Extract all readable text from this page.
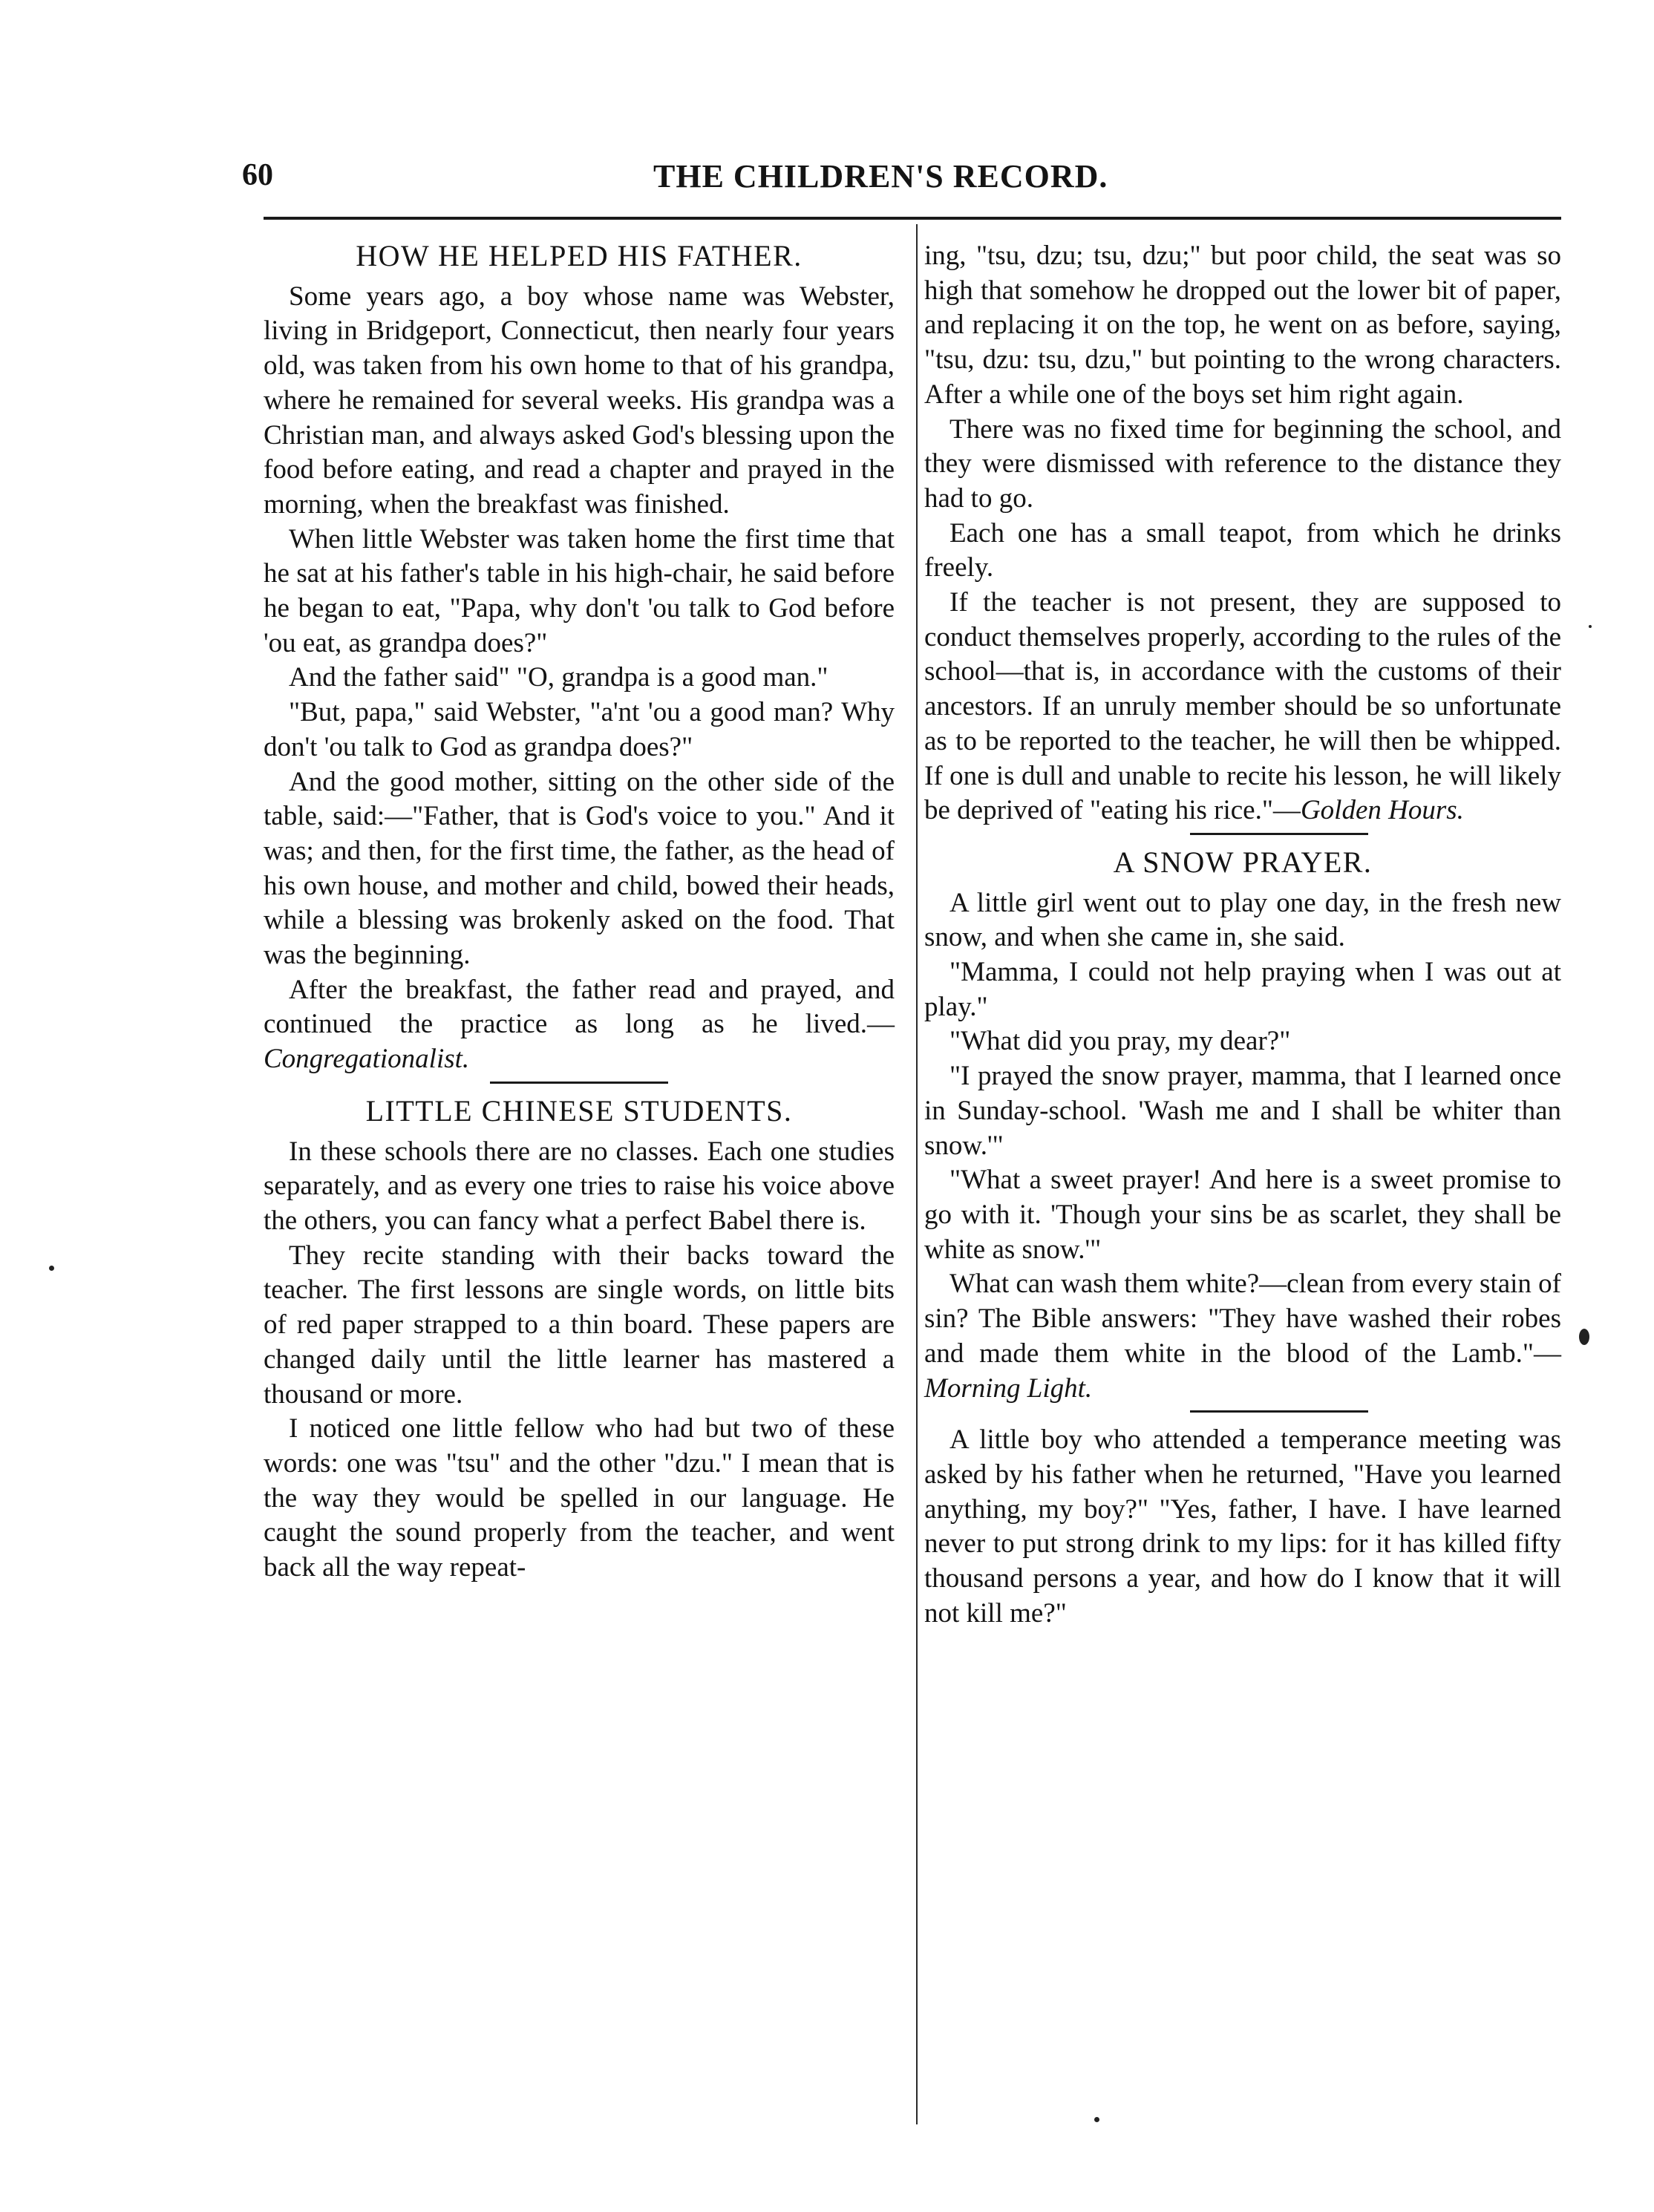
60	THE CHILDREN'S RECORD.
HOW HE HELPED HIS FATHER.

Some years ago, a boy whose name was Webster, living in Bridgeport, Connecticut, then nearly four years old, was taken from his own home to that of his grandpa, where he remained for several weeks. His grandpa was a Christian man, and always asked God's blessing upon the food before eating, and read a chapter and prayed in the morning, when the breakfast was finished.

When little Webster was taken home the first time that he sat at his father's table in his high-chair, he said before he began to eat, "Papa, why don't 'ou talk to God before 'ou eat, as grandpa does?"

And the father said" "O, grandpa is a good man."

"But, papa," said Webster, "a'nt 'ou a good man? Why don't 'ou talk to God as grandpa does?"

And the good mother, sitting on the other side of the table, said:—"Father, that is God's voice to you." And it was; and then, for the first time, the father, as the head of his own house, and mother and child, bowed their heads, while a blessing was brokenly asked on the food. That was the beginning.

After the breakfast, the father read and prayed, and continued the practice as long as he lived.—Congregationalist.

LITTLE CHINESE STUDENTS.

In these schools there are no classes. Each one studies separately, and as every one tries to raise his voice above the others, you can fancy what a perfect Babel there is.

They recite standing with their backs toward the teacher. The first lessons are single words, on little bits of red paper strapped to a thin board. These papers are changed daily until the little learner has mastered a thousand or more.

I noticed one little fellow who had but two of these words: one was "tsu" and the other "dzu." I mean that is the way they would be spelled in our language. He caught the sound properly from the teacher, and went back all the way repeat-

ing, "tsu, dzu; tsu, dzu;" but poor child, the seat was so high that somehow he dropped out the lower bit of paper, and replacing it on the top, he went on as before, saying, "tsu, dzu: tsu, dzu," but pointing to the wrong characters. After a while one of the boys set him right again.

There was no fixed time for beginning the school, and they were dismissed with reference to the distance they had to go.

Each one has a small teapot, from which he drinks freely.

If the teacher is not present, they are supposed to conduct themselves properly, according to the rules of the school—that is, in accordance with the customs of their ancestors. If an unruly member should be so unfortunate as to be reported to the teacher, he will then be whipped. If one is dull and unable to recite his lesson, he will likely be deprived of "eating his rice."—Golden Hours.

A SNOW PRAYER.

A little girl went out to play one day, in the fresh new snow, and when she came in, she said.

"Mamma, I could not help praying when I was out at play."

"What did you pray, my dear?"

"I prayed the snow prayer, mamma, that I learned once in Sunday-school. 'Wash me and I shall be whiter than snow.'"

"What a sweet prayer! And here is a sweet promise to go with it. 'Though your sins be as scarlet, they shall be white as snow.'"

What can wash them white?—clean from every stain of sin? The Bible answers: "They have washed their robes and made them white in the blood of the Lamb."—Morning Light.

A little boy who attended a temperance meeting was asked by his father when he returned, "Have you learned anything, my boy?" "Yes, father, I have. I have learned never to put strong drink to my lips: for it has killed fifty thousand persons a year, and how do I know that it will not kill me?"
